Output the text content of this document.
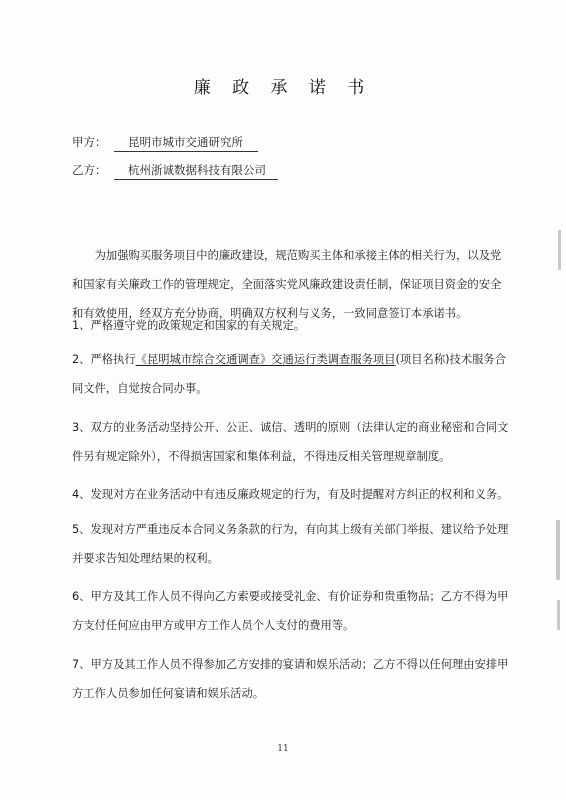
廉 政 承 诺 书
甲方： 昆明市城市交通研究所
乙方： 杭州浙诚数据科技有限公司

为加强购买服务项目中的廉政建设，规范购买主体和承接主体的相关行为，以及党和国家有关廉政工作的管理规定，全面落实党风廉政建设责任制，保证项目资金的安全和有效使用，经双方充分协商，明确双方权利与义务，一致同意签订本承诺书。

1、严格遵守党的政策规定和国家的有关规定。

2、严格执行《昆明城市综合交通调查》交通运行类调查服务项目(项目名称)技术服务合同文件，自觉按合同办事。

3、双方的业务活动坚持公开、公正、诚信、透明的原则（法律认定的商业秘密和合同文件另有规定除外），不得损害国家和集体利益，不得违反相关管理规章制度。

4、发现对方在业务活动中有违反廉政规定的行为，有及时提醒对方纠正的权利和义务。

5、发现对方严重违反本合同义务条款的行为，有向其上级有关部门举报、建议给予处理并要求告知处理结果的权利。

6、甲方及其工作人员不得向乙方索要或接受礼金、有价证券和贵重物品；乙方不得为甲方支付任何应由甲方或甲方工作人员个人支付的费用等。

7、甲方及其工作人员不得参加乙方安排的宴请和娱乐活动；乙方不得以任何理由安排甲方工作人员参加任何宴请和娱乐活动。

11
